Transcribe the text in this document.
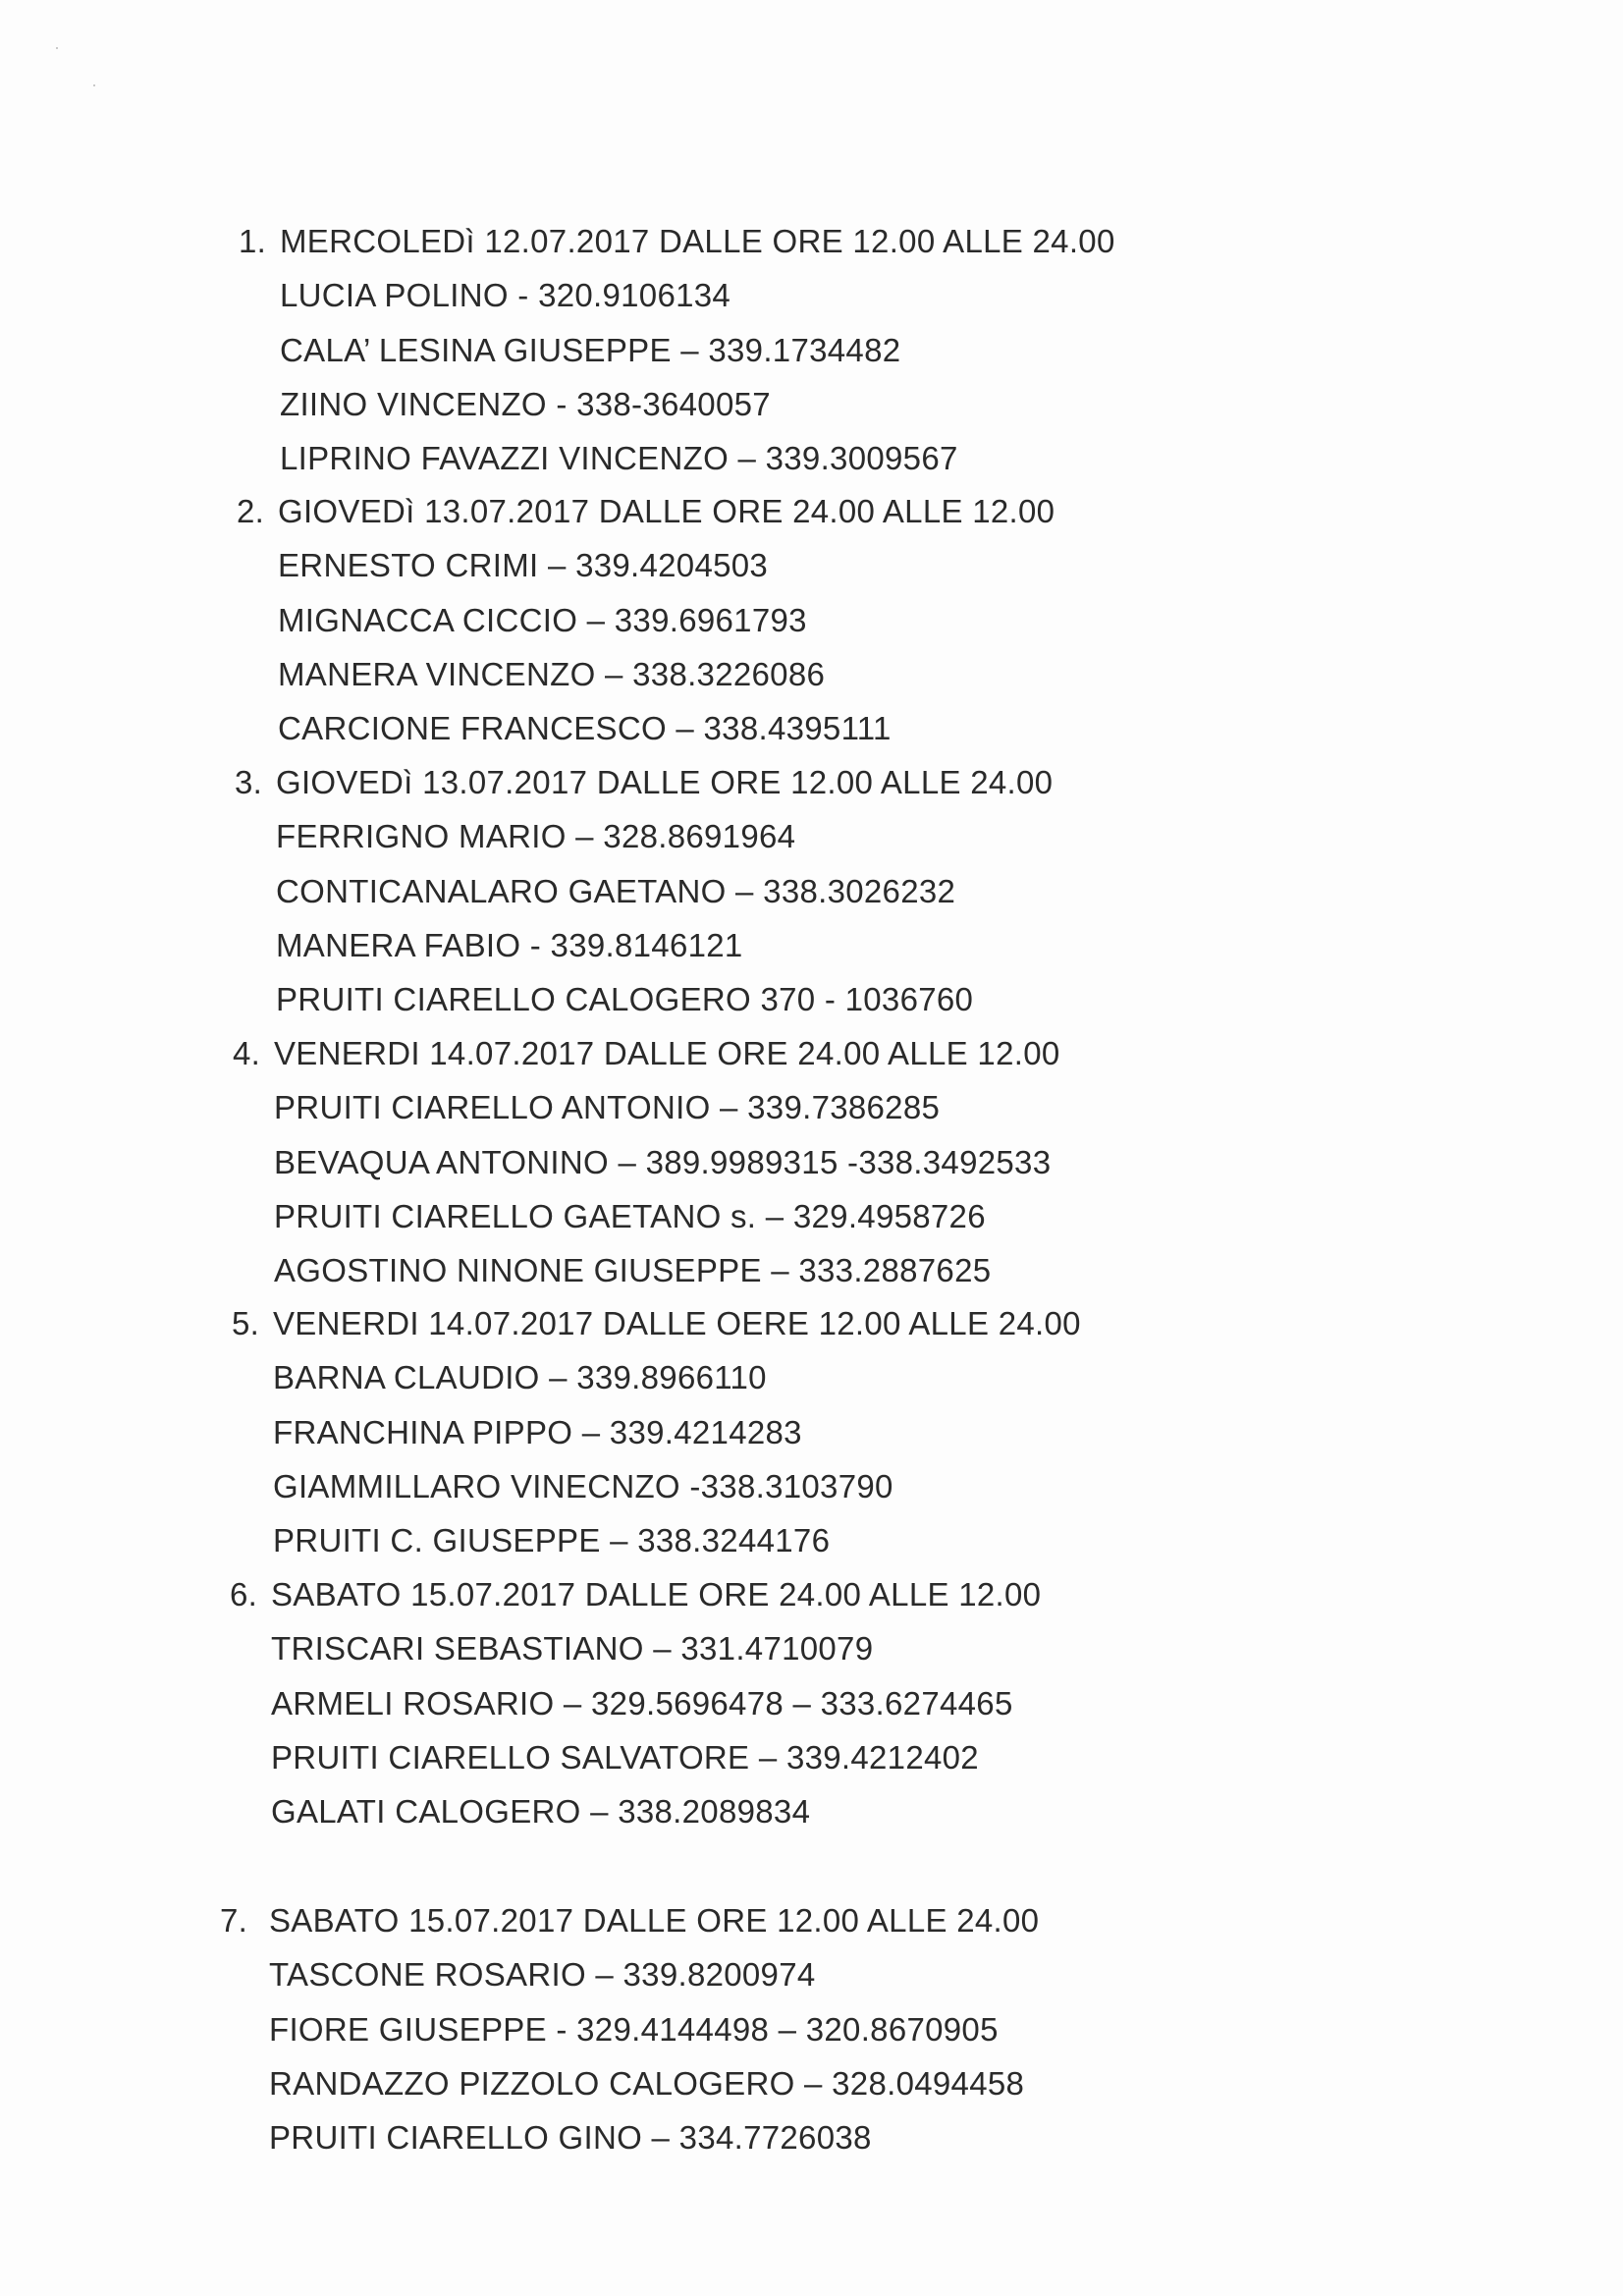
1. MERCOLEDì 12.07.2017 DALLE ORE 12.00 ALLE 24.00
LUCIA POLINO - 320.9106134
CALA’ LESINA GIUSEPPE – 339.1734482
ZIINO VINCENZO - 338-3640057
LIPRINO FAVAZZI VINCENZO – 339.3009567
2. GIOVEDì 13.07.2017 DALLE ORE 24.00 ALLE 12.00
ERNESTO CRIMI – 339.4204503
MIGNACCA CICCIO – 339.6961793
MANERA VINCENZO – 338.3226086
CARCIONE FRANCESCO – 338.4395111
3. GIOVEDì 13.07.2017 DALLE ORE 12.00 ALLE 24.00
FERRIGNO MARIO – 328.8691964
CONTICANALARO GAETANO – 338.3026232
MANERA FABIO - 339.8146121
PRUITI CIARELLO CALOGERO 370 - 1036760
4. VENERDI 14.07.2017 DALLE ORE 24.00 ALLE 12.00
PRUITI CIARELLO ANTONIO – 339.7386285
BEVAQUA ANTONINO – 389.9989315 -338.3492533
PRUITI CIARELLO GAETANO s. – 329.4958726
AGOSTINO NINONE GIUSEPPE – 333.2887625
5. VENERDI 14.07.2017 DALLE OERE 12.00 ALLE 24.00
BARNA CLAUDIO – 339.8966110
FRANCHINA PIPPO – 339.4214283
GIAMMILLARO VINECNZO -338.3103790
PRUITI C. GIUSEPPE – 338.3244176
6. SABATO 15.07.2017 DALLE ORE 24.00 ALLE 12.00
TRISCARI SEBASTIANO – 331.4710079
ARMELI ROSARIO – 329.5696478 – 333.6274465
PRUITI CIARELLO SALVATORE – 339.4212402
GALATI CALOGERO – 338.2089834
7. SABATO 15.07.2017 DALLE ORE 12.00 ALLE 24.00
TASCONE ROSARIO – 339.8200974
FIORE GIUSEPPE - 329.4144498 – 320.8670905
RANDAZZO PIZZOLO CALOGERO – 328.0494458
PRUITI CIARELLO GINO – 334.7726038
